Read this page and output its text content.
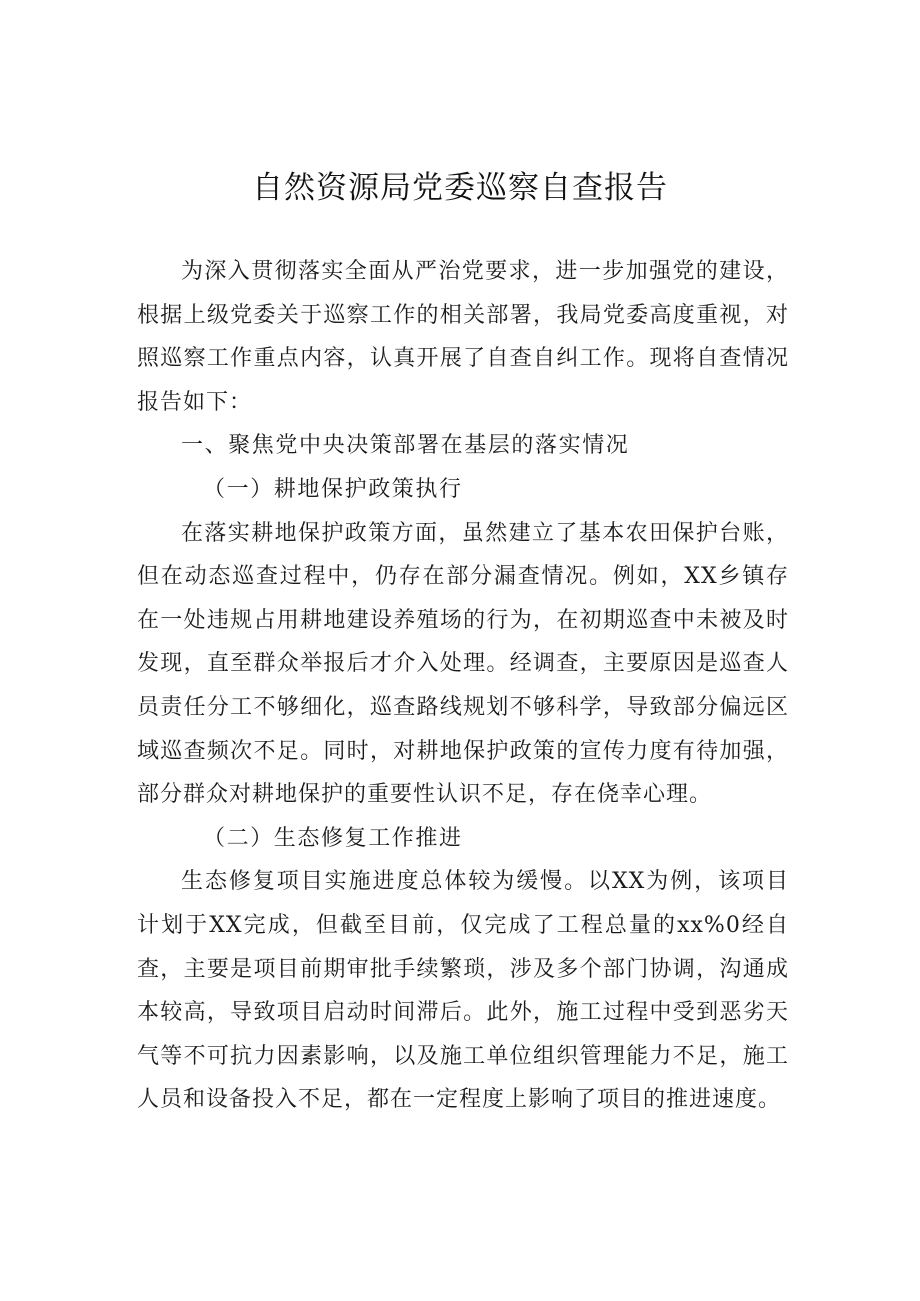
自然资源局党委巡察自查报告

为深入贯彻落实全面从严治党要求，进一步加强党的建设，根据上级党委关于巡察工作的相关部署，我局党委高度重视，对照巡察工作重点内容，认真开展了自查自纠工作。现将自查情况报告如下：

一、聚焦党中央决策部署在基层的落实情况

（一）耕地保护政策执行

在落实耕地保护政策方面，虽然建立了基本农田保护台账，但在动态巡查过程中，仍存在部分漏查情况。例如，XX乡镇存在一处违规占用耕地建设养殖场的行为，在初期巡查中未被及时发现，直至群众举报后才介入处理。经调查，主要原因是巡查人员责任分工不够细化，巡查路线规划不够科学，导致部分偏远区域巡查频次不足。同时，对耕地保护政策的宣传力度有待加强，部分群众对耕地保护的重要性认识不足，存在侥幸心理。

（二）生态修复工作推进

生态修复项目实施进度总体较为缓慢。以XX为例，该项目计划于XX完成，但截至目前，仅完成了工程总量的xx%0经自查，主要是项目前期审批手续繁琐，涉及多个部门协调，沟通成本较高，导致项目启动时间滞后。此外，施工过程中受到恶劣天气等不可抗力因素影响，以及施工单位组织管理能力不足，施工人员和设备投入不足，都在一定程度上影响了项目的推进速度。
